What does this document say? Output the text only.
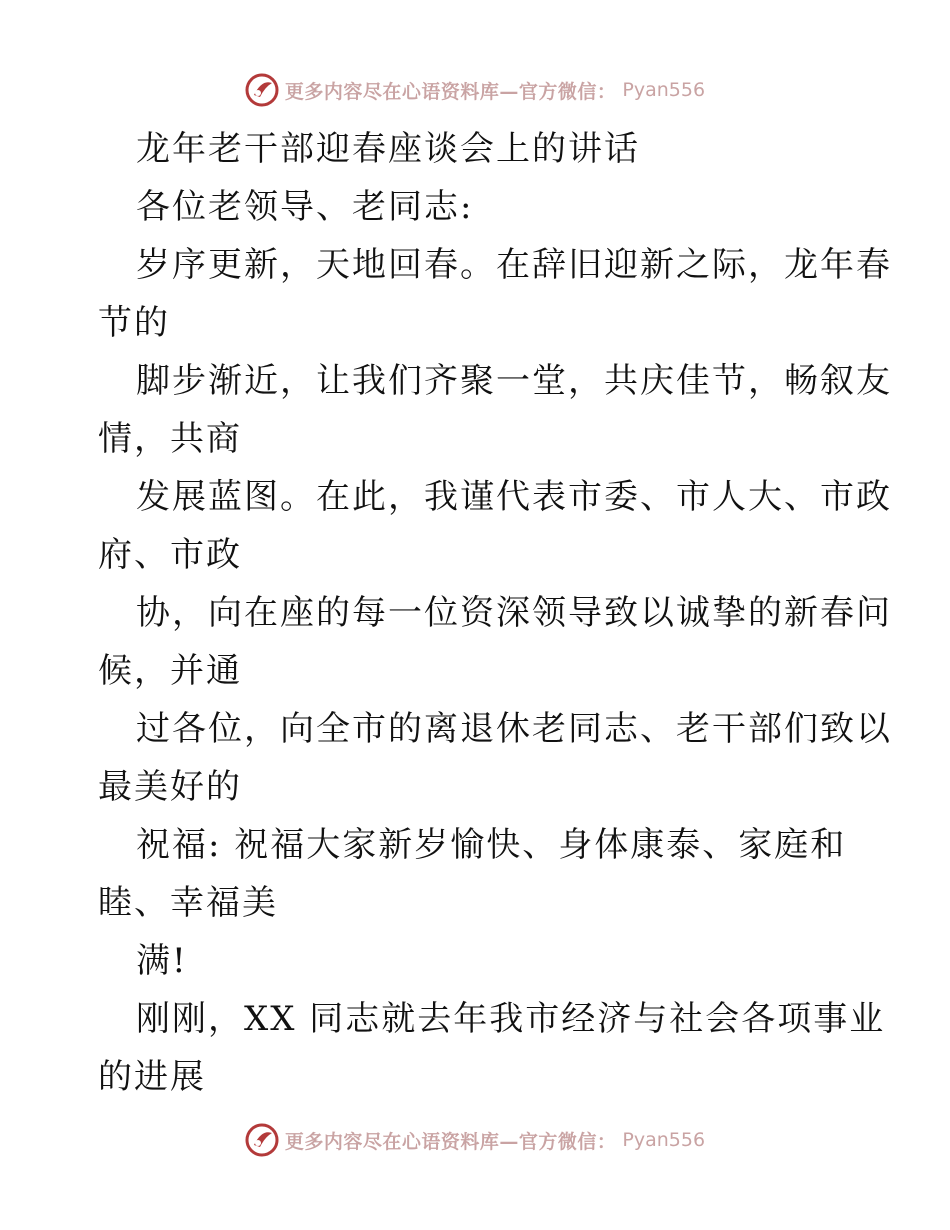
更多内容尽在心语资料库—官方微信： Pyan556

龙年老干部迎春座谈会上的讲话

各位老领导、老同志:

岁序更新，天地回春。在辞旧迎新之际，龙年春

节的

脚步渐近，让我们齐聚一堂，共庆佳节，畅叙友

情，共商

发展蓝图。在此，我谨代表市委、市人大、市政

府、市政

协，向在座的每一位资深领导致以诚挚的新春问

候，并通

过各位，向全市的离退休老同志、老干部们致以

最美好的

祝福: 祝福大家新岁愉快、身体康泰、家庭和

睦、幸福美

满!

刚刚，XX 同志就去年我市经济与社会各项事业

的进展

更多内容尽在心语资料库—官方微信： Pyan556
